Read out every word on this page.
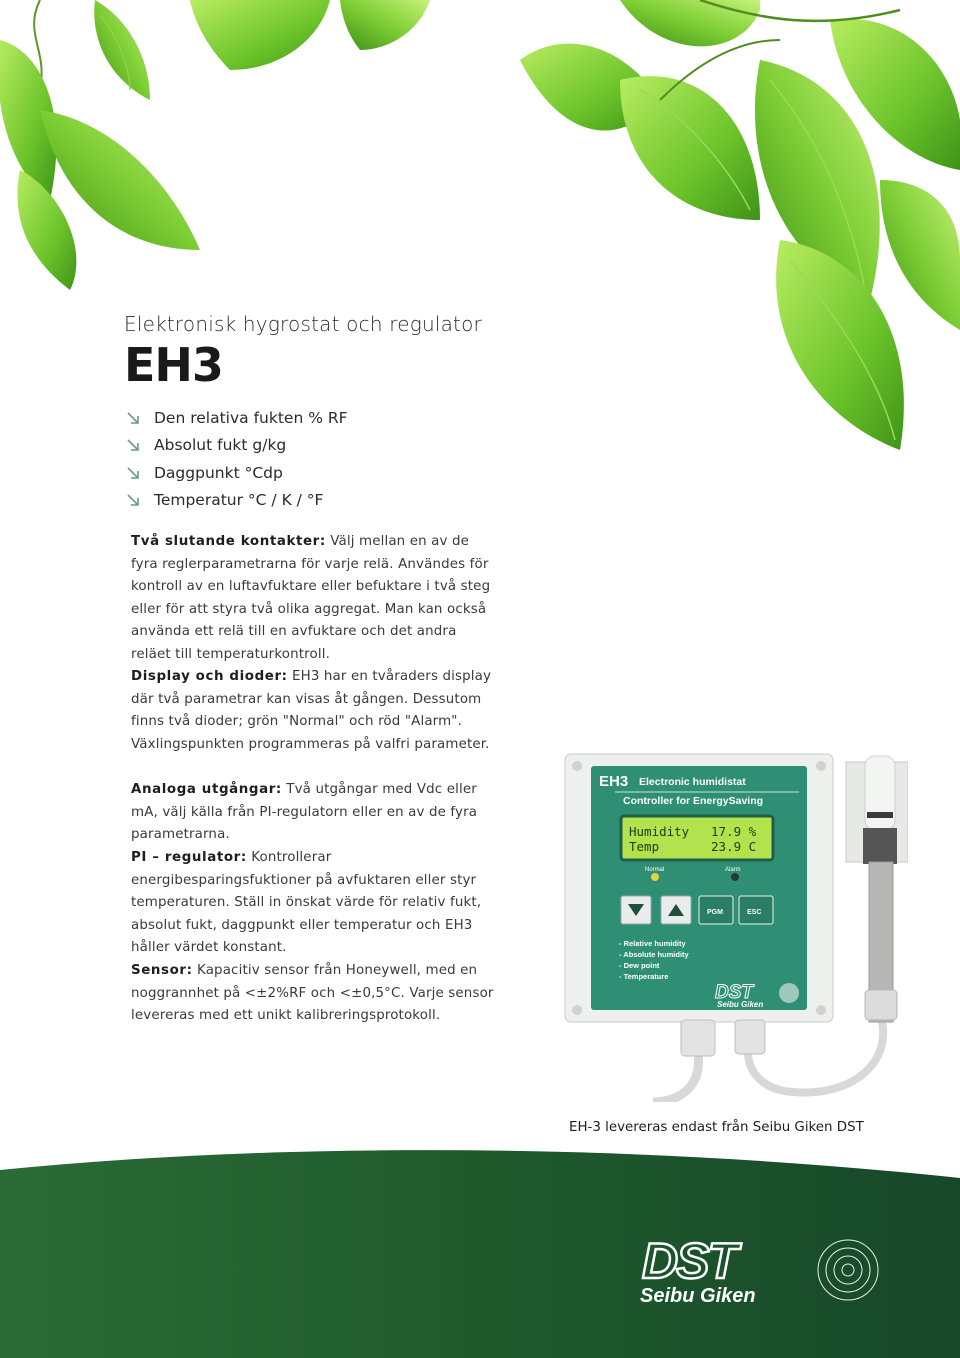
Elektronisk hygrostat och regulator
EH3
Den relativa fukten % RF
Absolut fukt g/kg
Daggpunkt °Cdp
Temperatur °C / K / °F

Två slutande kontakter: Välj mellan en av de fyra reglerparametrarna för varje relä. Användes för kontroll av en luftavfuktare eller befuktare i två steg eller för att styra två olika aggregat. Man kan också använda ett relä till en avfuktare och det andra reläet till temperaturkontroll.

Display och dioder: EH3 har en tvåraders display där två parametrar kan visas åt gången. Dessutom finns två dioder; grön "Normal" och röd "Alarm". Växlingspunkten programmeras på valfri parameter.

Analoga utgångar: Två utgångar med Vdc eller mA, välj källa från PI-regulatorn eller en av de fyra parametrarna.

PI – regulator: Kontrollerar energibesparingsfuktioner på avfuktaren eller styr temperaturen. Ställ in önskat värde för relativ fukt, absolut fukt, daggpunkt eller temperatur och EH3 håller värdet konstant.

Sensor: Kapacitiv sensor från Honeywell, med en noggrannhet på <±2%RF och <±0,5°C. Varje sensor levereras med ett unikt kalibreringsprotokoll.

EH3 Electronic humidistat
Controller for EnergySaving
Humidity 17.9 %
Temp	23.9 C
Normal	Alarm
PGM	ESC
- Relative humidity
- Absolute humidity
- Dew point
- Temperature
DST
Seibu Giken
EH-3 levereras endast från Seibu Giken DST
DST
Seibu Giken
